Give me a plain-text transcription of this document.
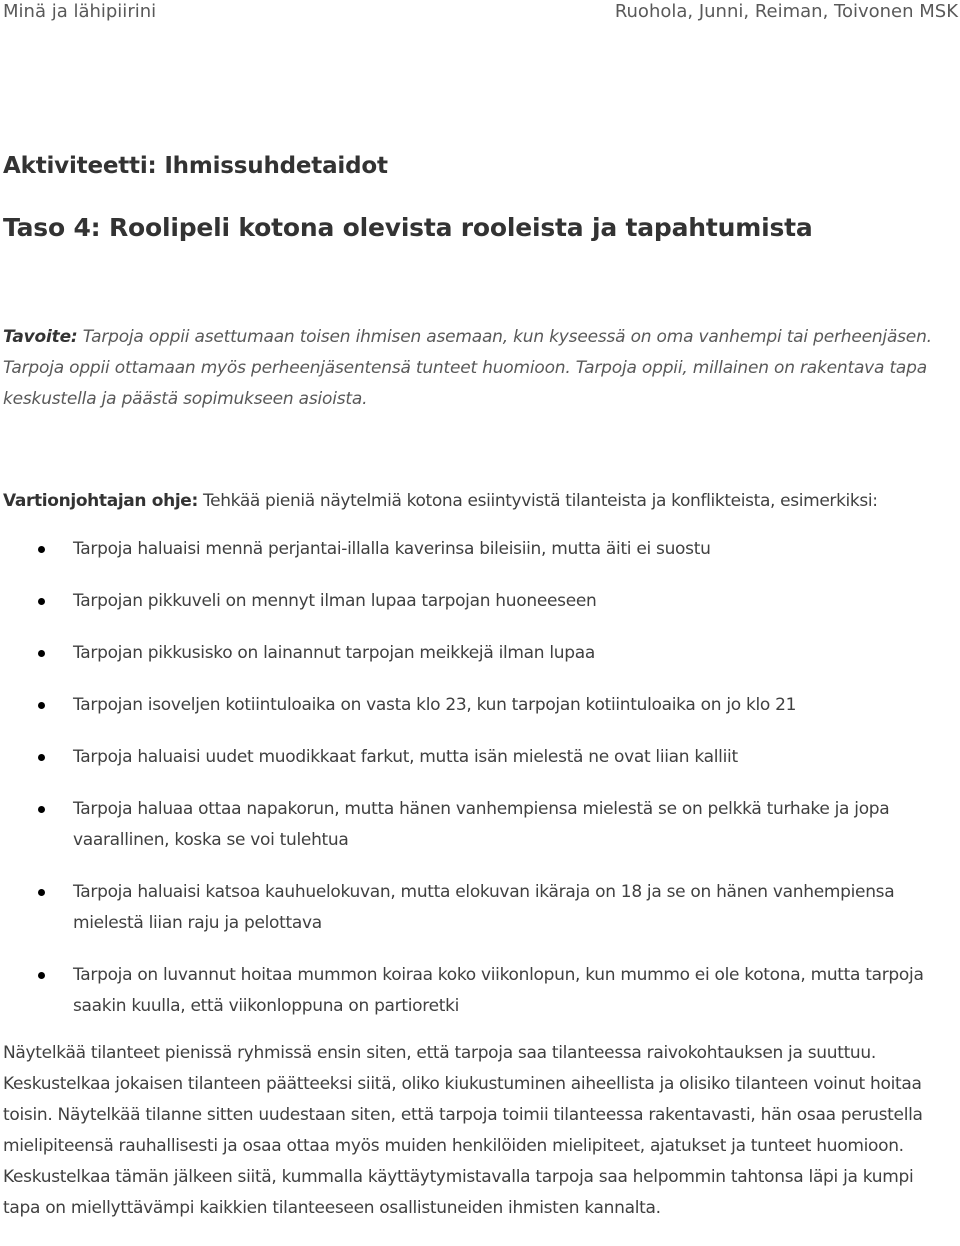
Minä ja lähipiirini	Ruohola, Junni, Reiman, Toivonen MSK
Aktiviteetti: Ihmissuhdetaidot
Taso 4: Roolipeli kotona olevista rooleista ja tapahtumista

Tavoite: Tarpoja oppii asettumaan toisen ihmisen asemaan, kun kyseessä on oma vanhempi tai perheenjäsen. Tarpoja oppii ottamaan myös perheenjäsentensä tunteet huomioon. Tarpoja oppii, millainen on rakentava tapa keskustella ja päästä sopimukseen asioista.

Vartionjohtajan ohje: Tehkää pieniä näytelmiä kotona esiintyvistä tilanteista ja konflikteista, esimerkiksi:

Tarpoja haluaisi mennä perjantai-illalla kaverinsa bileisiin, mutta äiti ei suostu
Tarpojan pikkuveli on mennyt ilman lupaa tarpojan huoneeseen
Tarpojan pikkusisko on lainannut tarpojan meikkejä ilman lupaa
Tarpojan isoveljen kotiintuloaika on vasta klo 23, kun tarpojan kotiintuloaika on jo klo 21
Tarpoja haluaisi uudet muodikkaat farkut, mutta isän mielestä ne ovat liian kalliit
Tarpoja haluaa ottaa napakorun, mutta hänen vanhempiensa mielestä se on pelkkä turhake ja jopa vaarallinen, koska se voi tulehtua
Tarpoja haluaisi katsoa kauhuelokuvan, mutta elokuvan ikäraja on 18 ja se on hänen vanhempiensa mielestä liian raju ja pelottava
Tarpoja on luvannut hoitaa mummon koiraa koko viikonlopun, kun mummo ei ole kotona, mutta tarpoja saakin kuulla, että viikonloppuna on partioretki

Näytelkää tilanteet pienissä ryhmissä ensin siten, että tarpoja saa tilanteessa raivokohtauksen ja suuttuu. Keskustelkaa jokaisen tilanteen päätteeksi siitä, oliko kiukustuminen aiheellista ja olisiko tilanteen voinut hoitaa toisin. Näytelkää tilanne sitten uudestaan siten, että tarpoja toimii tilanteessa rakentavasti, hän osaa perustella mielipiteensä rauhallisesti ja osaa ottaa myös muiden henkilöiden mielipiteet, ajatukset ja tunteet huomioon. Keskustelkaa tämän jälkeen siitä, kummalla käyttäytymistavalla tarpoja saa helpommin tahtonsa läpi ja kumpi tapa on miellyttävämpi kaikkien tilanteeseen osallistuneiden ihmisten kannalta.
